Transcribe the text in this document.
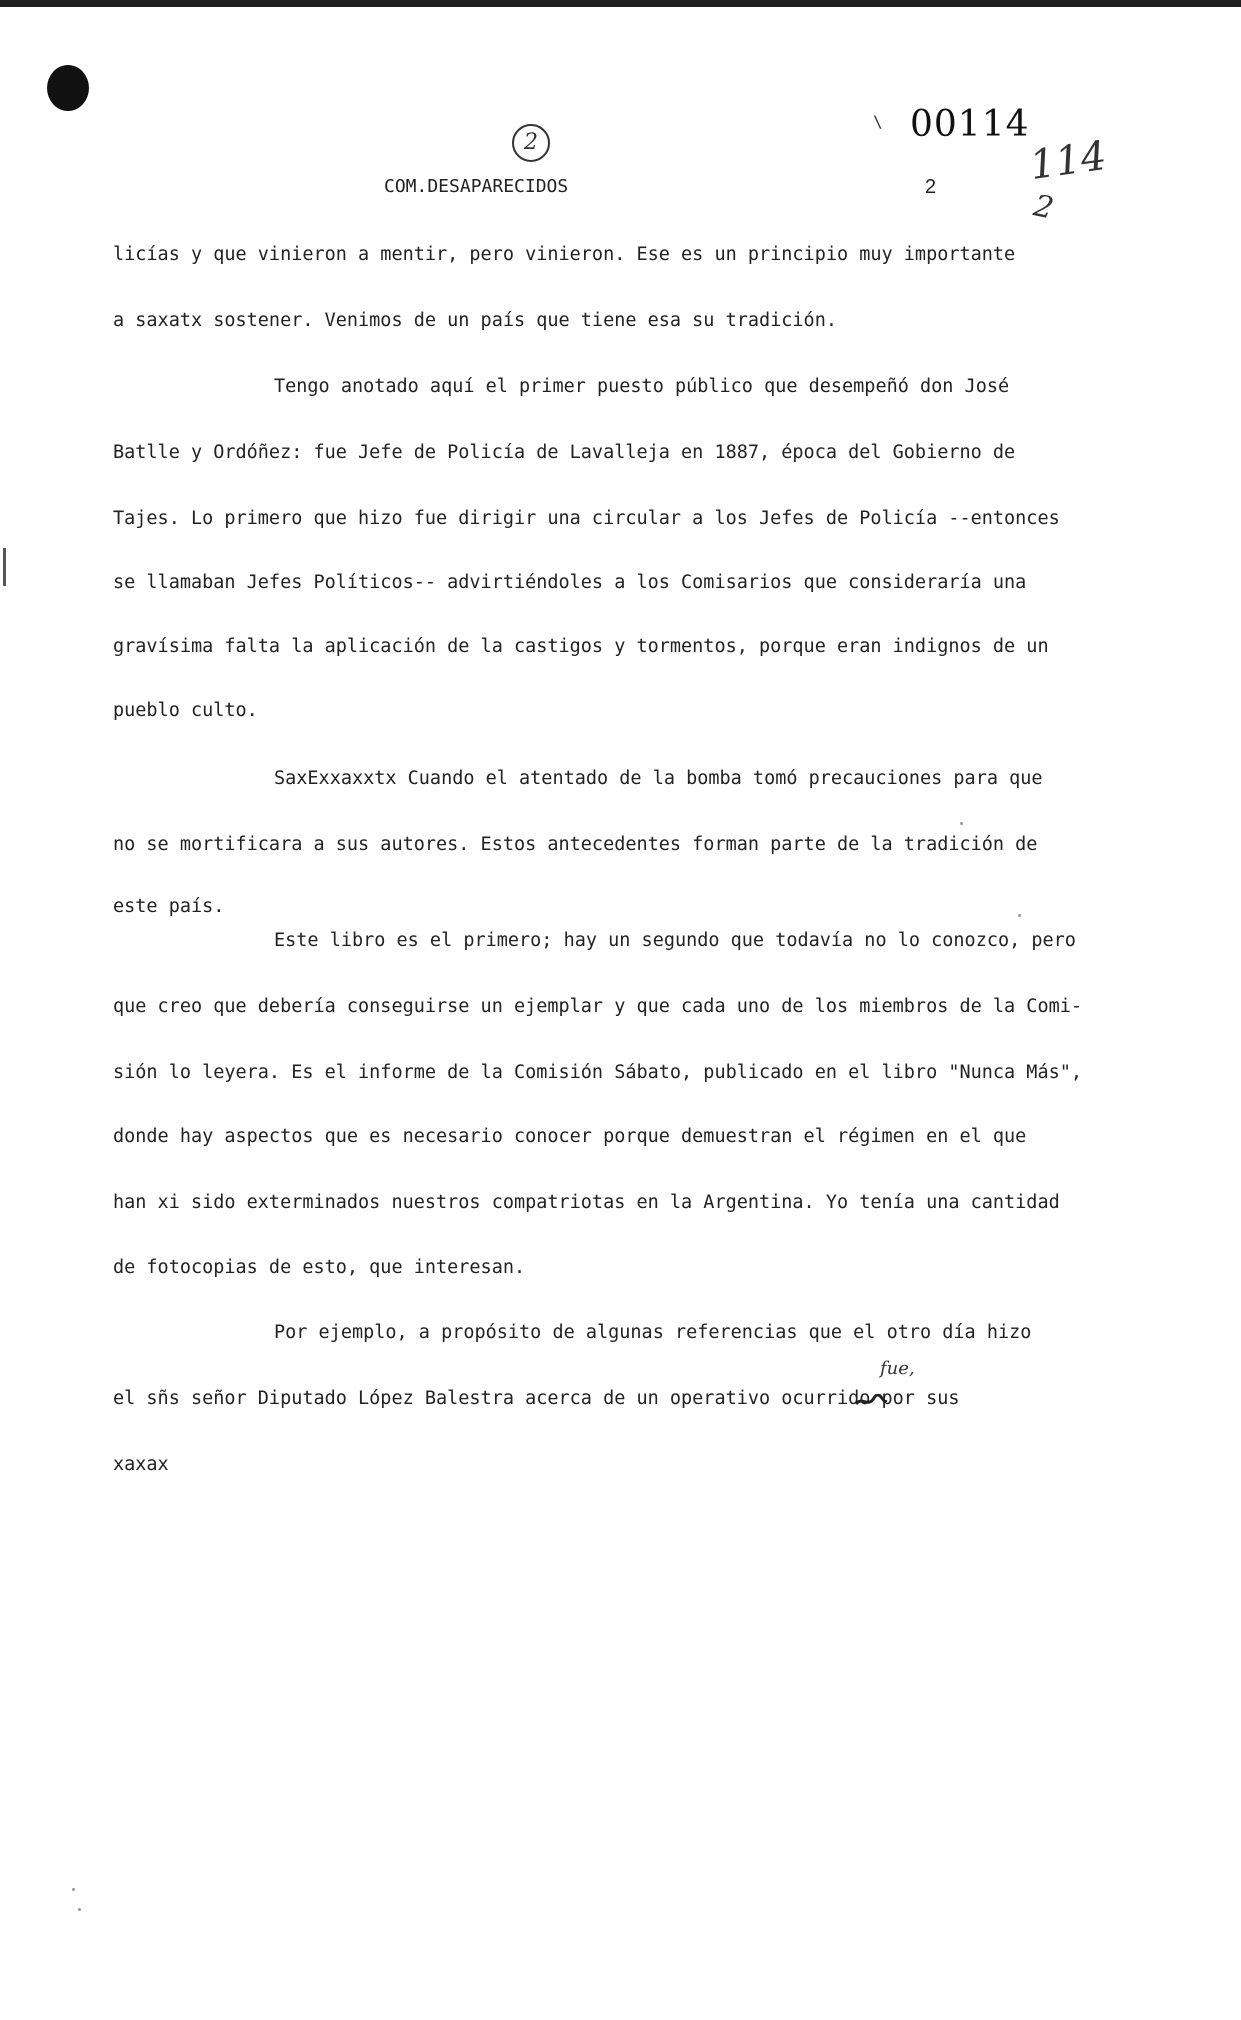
2
\ 00114
114
2
COM.DESAPARECIDOS	2
licías y que vinieron a mentir, pero vinieron. Ese es un principio muy importante
a saxatx sostener. Venimos de un país que tiene esa su tradición.
Tengo anotado aquí el primer puesto público que desempeñó don José
Batlle y Ordóñez: fue Jefe de Policía de Lavalleja en 1887, época del Gobierno de
Tajes. Lo primero que hizo fue dirigir una circular a los Jefes de Policía --entonces
se llamaban Jefes Políticos-- advirtiéndoles a los Comisarios que consideraría una
gravísima falta la aplicación de la castigos y tormentos, porque eran indignos de un
pueblo culto.
SaxExxaxxtx Cuando el atentado de la bomba tomó precauciones para que
no se mortificara a sus autores. Estos antecedentes forman parte de la tradición de
este país.
Este libro es el primero; hay un segundo que todavía no lo conozco, pero
que creo que debería conseguirse un ejemplar y que cada uno de los miembros de la Comi-
sión lo leyera. Es el informe de la Comisión Sábato, publicado en el libro "Nunca Más",
donde hay aspectos que es necesario conocer porque demuestran el régimen en el que
han xi sido exterminados nuestros compatriotas en la Argentina. Yo tenía una cantidad
de fotocopias de esto, que interesan.
Por ejemplo, a propósito de algunas referencias que el otro día hizo
el sñs señor Diputado López Balestra acerca de un operativo ocurrido por sus
xaxax
fue,
